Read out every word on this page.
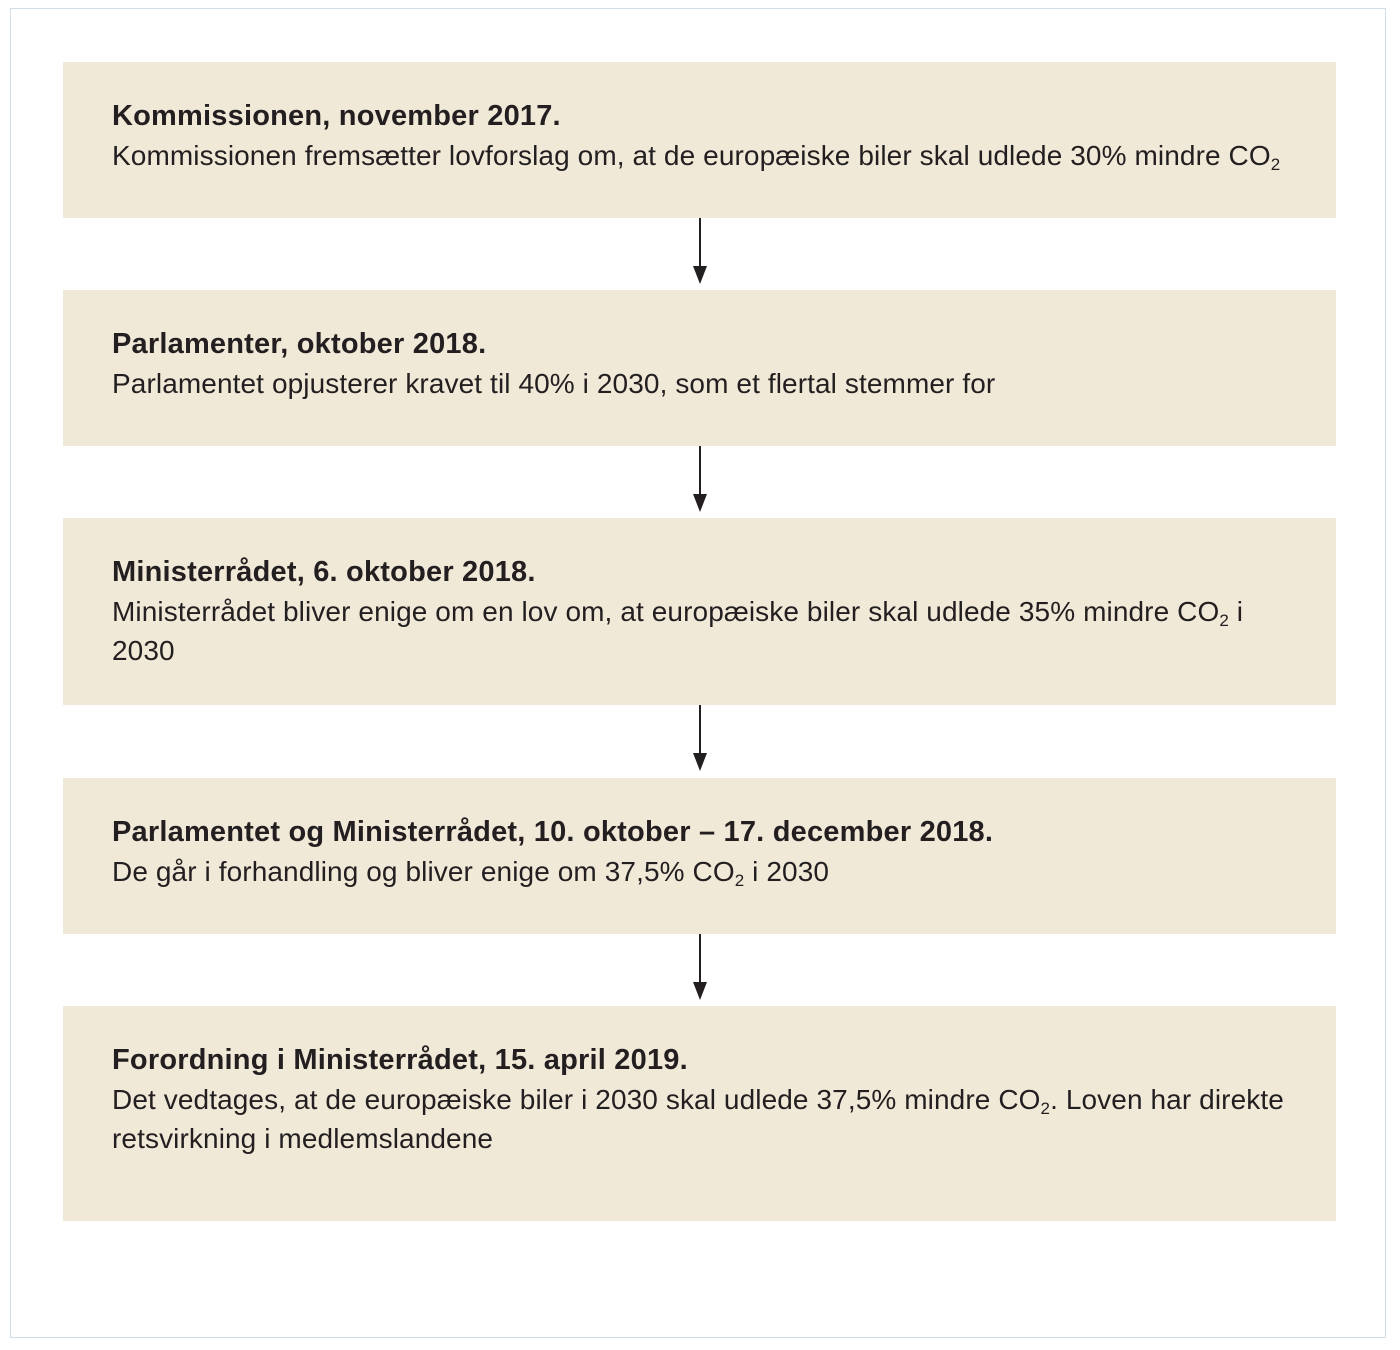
Kommissionen, november 2017.
Kommissionen fremsætter lovforslag om, at de europæiske biler skal udlede 30% mindre $CO_2$
Parlamenter, oktober 2018.
Parlamentet opjusterer kravet til 40% i 2030, som et flertal stemmer for
Ministerrådet, 6. oktober 2018.
Ministerrådet bliver enige om en lov om, at europæiske biler skal udlede 35% mindre $CO_2$ i 2030
Parlamentet og Ministerrådet, 10. oktober – 17. december 2018.
De går i forhandling og bliver enige om 37,5% $CO_2$ i 2030
Forordning i Ministerrådet, 15. april 2019.
Det vedtages, at de europæiske biler i 2030 skal udlede 37,5% mindre $CO_2$. Loven har direkte retsvirkning i medlemslandene
